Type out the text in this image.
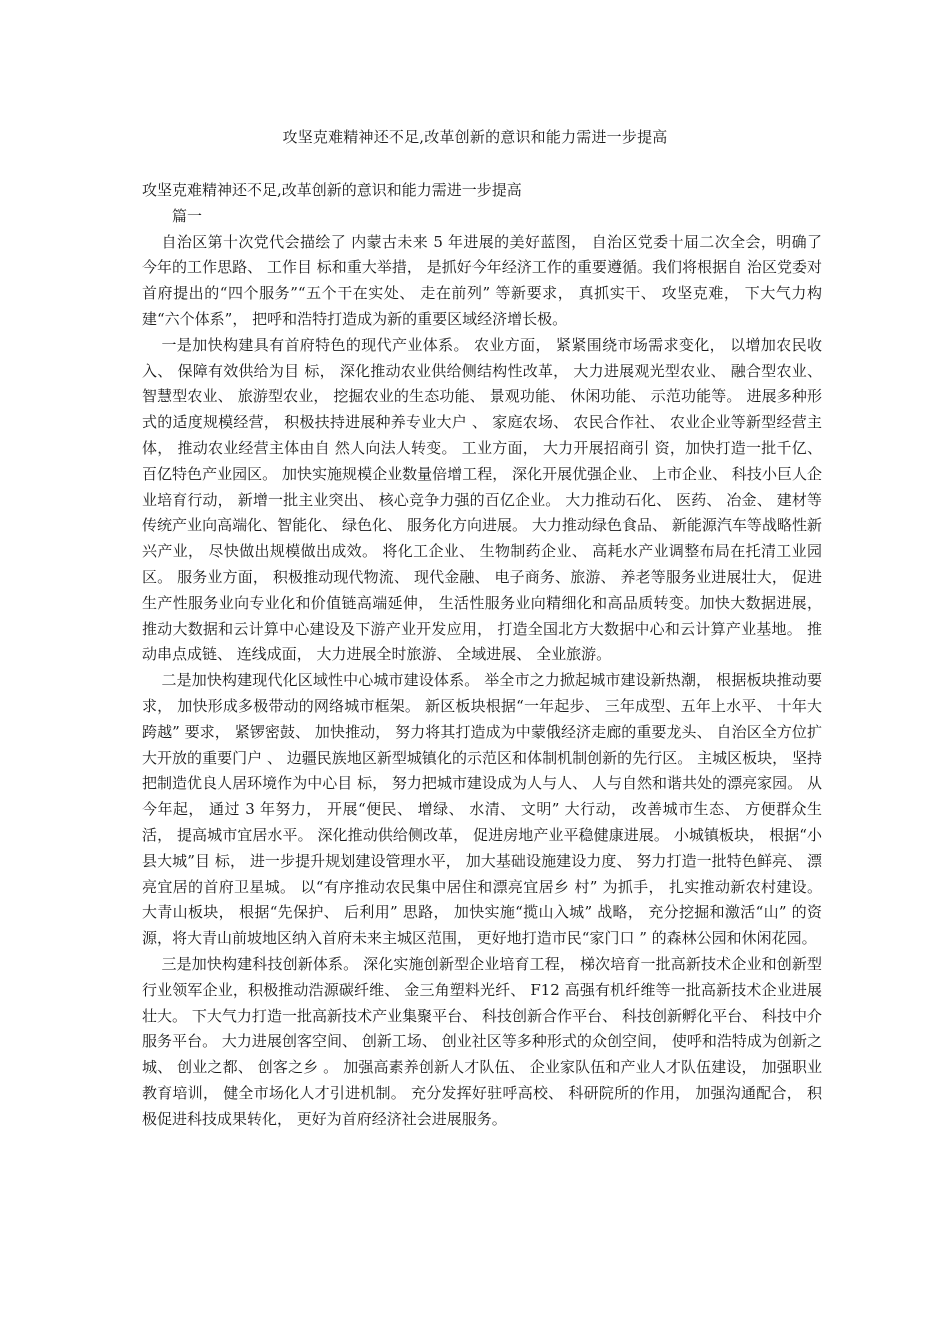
攻坚克难精神还不足,改革创新的意识和能力需进一步提高

攻坚克难精神还不足,改革创新的意识和能力需进一步提高

篇一

自治区第十次党代会描绘了 内蒙古未来 5 年进展的美好蓝图， 自治区党委十届二次全会，明确了 今年的工作思路、 工作目 标和重大举措， 是抓好今年经济工作的重要遵循。我们将根据自 治区党委对首府提出的“四个服务”“五个干在实处、 走在前列” 等新要求， 真抓实干、 攻坚克难， 下大气力构建“六个体系”， 把呼和浩特打造成为新的重要区域经济增长极。

一是加快构建具有首府特色的现代产业体系。 农业方面， 紧紧围绕市场需求变化， 以增加农民收入、 保障有效供给为目 标， 深化推动农业供给侧结构性改革， 大力进展观光型农业、 融合型农业、 智慧型农业、 旅游型农业， 挖掘农业的生态功能、 景观功能、 休闲功能、 示范功能等。 进展多种形式的适度规模经营， 积极扶持进展种养专业大户 、 家庭农场、 农民合作社、 农业企业等新型经营主体， 推动农业经营主体由自 然人向法人转变。 工业方面， 大力开展招商引 资，加快打造一批千亿、 百亿特色产业园区。 加快实施规模企业数量倍增工程， 深化开展优强企业、 上市企业、 科技小巨人企业培育行动， 新增一批主业突出、 核心竞争力强的百亿企业。 大力推动石化、 医药、 冶金、 建材等传统产业向高端化、智能化、 绿色化、 服务化方向进展。 大力推动绿色食品、 新能源汽车等战略性新兴产业， 尽快做出规模做出成效。 将化工企业、 生物制药企业、 高耗水产业调整布局在托清工业园区。 服务业方面， 积极推动现代物流、 现代金融、 电子商务、旅游、 养老等服务业进展壮大， 促进生产性服务业向专业化和价值链高端延伸， 生活性服务业向精细化和高品质转变。加快大数据进展， 推动大数据和云计算中心建设及下游产业开发应用， 打造全国北方大数据中心和云计算产业基地。 推动串点成链、 连线成面， 大力进展全时旅游、 全域进展、 全业旅游。

二是加快构建现代化区域性中心城市建设体系。 举全市之力掀起城市建设新热潮， 根据板块推动要求， 加快形成多极带动的网络城市框架。 新区板块根据“一年起步、 三年成型、五年上水平、 十年大跨越” 要求， 紧锣密鼓、 加快推动， 努力将其打造成为中蒙俄经济走廊的重要龙头、 自治区全方位扩大开放的重要门户 、 边疆民族地区新型城镇化的示范区和体制机制创新的先行区。 主城区板块， 坚持把制造优良人居环境作为中心目 标， 努力把城市建设成为人与人、 人与自然和谐共处的漂亮家园。 从今年起， 通过 3 年努力， 开展“便民、 增绿、 水清、 文明” 大行动， 改善城市生态、 方便群众生活， 提高城市宜居水平。 深化推动供给侧改革， 促进房地产业平稳健康进展。 小城镇板块， 根据“小县大城”目 标， 进一步提升规划建设管理水平， 加大基础设施建设力度、 努力打造一批特色鲜亮、 漂亮宜居的首府卫星城。 以“有序推动农民集中居住和漂亮宜居乡 村” 为抓手， 扎实推动新农村建设。 大青山板块， 根据“先保护、 后利用” 思路， 加快实施“揽山入城” 战略， 充分挖掘和激活“山” 的资源，将大青山前坡地区纳入首府未来主城区范围， 更好地打造市民“家门口 ” 的森林公园和休闲花园。

三是加快构建科技创新体系。 深化实施创新型企业培育工程， 梯次培育一批高新技术企业和创新型行业领军企业，积极推动浩源碳纤维、 金三角塑料光纤、 F12 高强有机纤维等一批高新技术企业进展壮大。 下大气力打造一批高新技术产业集聚平台、 科技创新合作平台、 科技创新孵化平台、 科技中介服务平台。 大力进展创客空间、 创新工场、 创业社区等多种形式的众创空间， 使呼和浩特成为创新之城、 创业之都、 创客之乡 。 加强高素养创新人才队伍、 企业家队伍和产业人才队伍建设， 加强职业教育培训， 健全市场化人才引进机制。 充分发挥好驻呼高校、 科研院所的作用， 加强沟通配合， 积极促进科技成果转化， 更好为首府经济社会进展服务。
